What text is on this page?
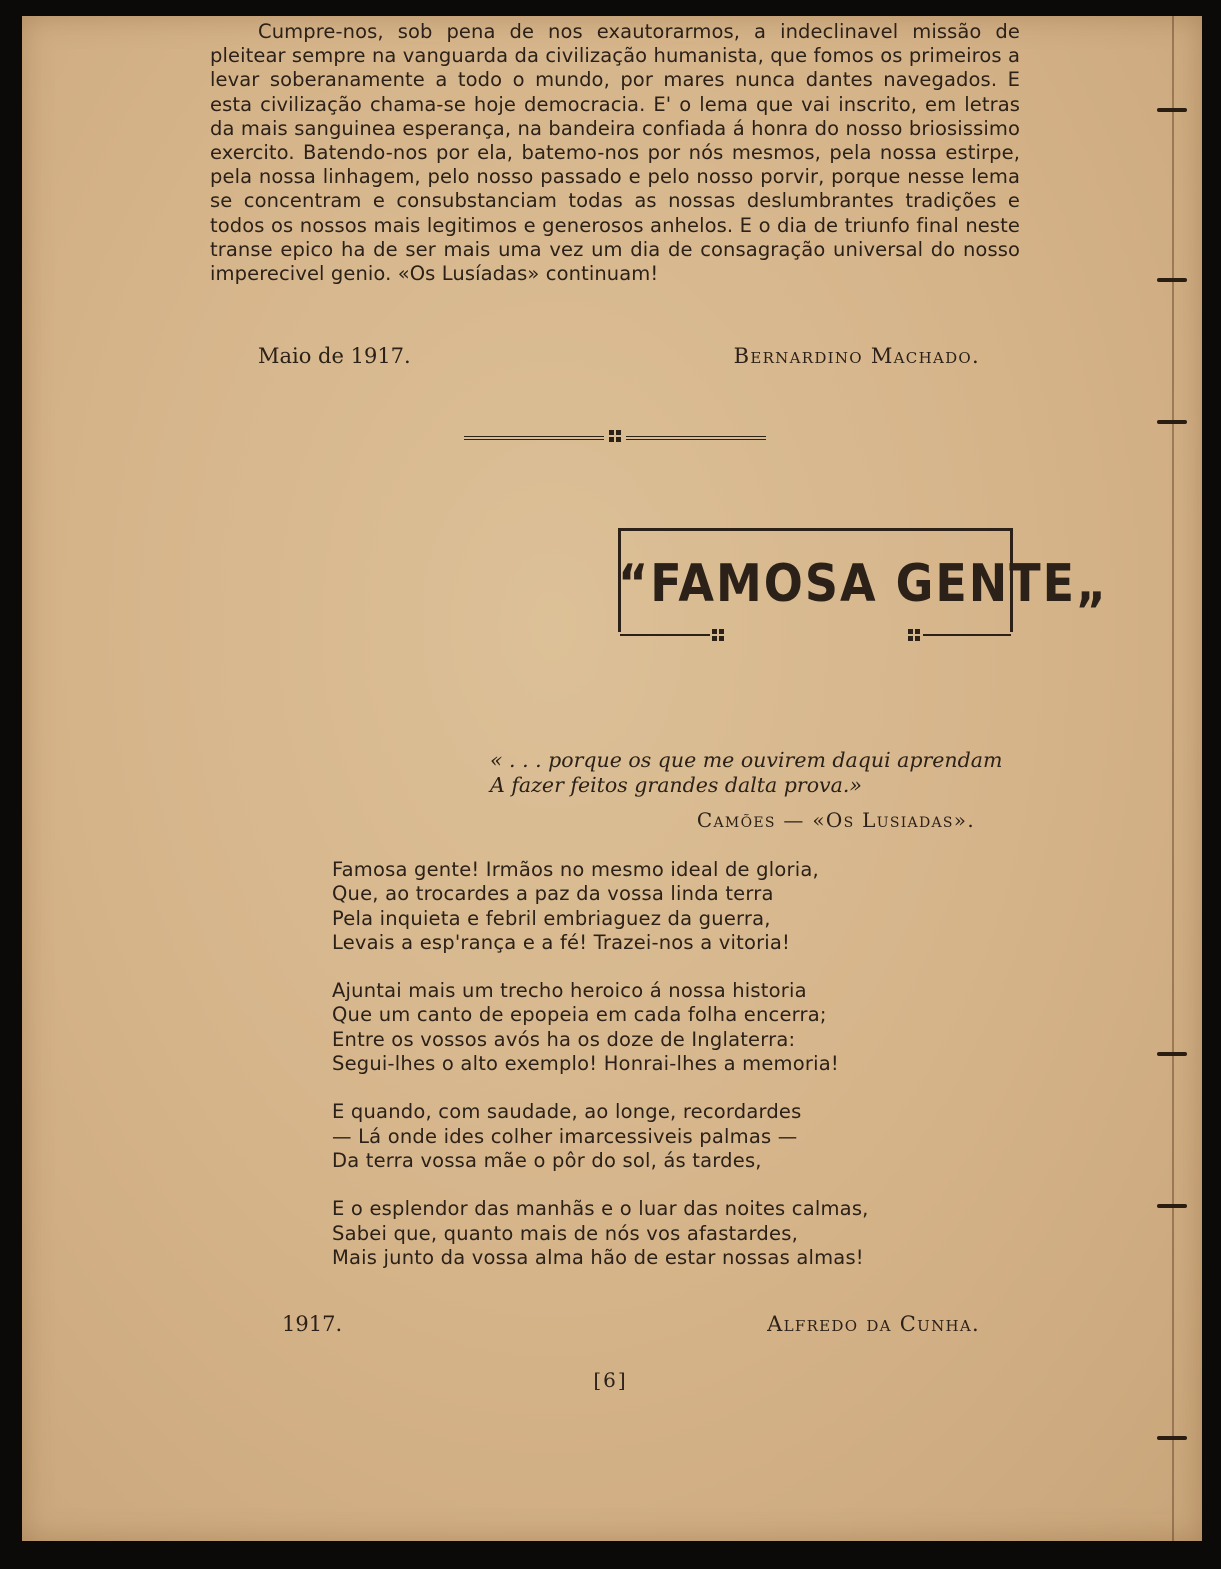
Cumpre-nos, sob pena de nos exautorarmos, a indeclinavel missão de pleitear sempre na vanguarda da civilização humanista, que fomos os primeiros a levar soberanamente a todo o mundo, por mares nunca dantes navegados. E esta civilização chama-se hoje democracia. E' o lema que vai inscrito, em letras da mais sanguinea esperança, na bandeira confiada á honra do nosso briosissimo exercito. Batendo-nos por ela, batemo-nos por nós mesmos, pela nossa estirpe, pela nossa linhagem, pelo nosso passado e pelo nosso porvir, porque nesse lema se concentram e consubstanciam todas as nossas deslumbrantes tradições e todos os nossos mais legitimos e generosos anhelos. E o dia de triunfo final neste transe epico ha de ser mais uma vez um dia de consagração universal do nosso imperecivel genio. «Os Lusíadas» continuam!

Maio de 1917.	Bernardino Machado.
“FAMOSA GENTE„
« . . . porque os que me ouvirem daqui aprendam
A fazer feitos grandes dalta prova.»
Camões — «Os Lusiadas».
Famosa gente! Irmãos no mesmo ideal de gloria,
Que, ao trocardes a paz da vossa linda terra
Pela inquieta e febril embriaguez da guerra,
Levais a esp'rança e a fé! Trazei-nos a vitoria!
Ajuntai mais um trecho heroico á nossa historia
Que um canto de epopeia em cada folha encerra;
Entre os vossos avós ha os doze de Inglaterra:
Segui-lhes o alto exemplo! Honrai-lhes a memoria!
E quando, com saudade, ao longe, recordardes
— Lá onde ides colher imarcessiveis palmas —
Da terra vossa mãe o pôr do sol, ás tardes,
E o esplendor das manhãs e o luar das noites calmas,
Sabei que, quanto mais de nós vos afastardes,
Mais junto da vossa alma hão de estar nossas almas!
1917.	Alfredo da Cunha.
[6]
